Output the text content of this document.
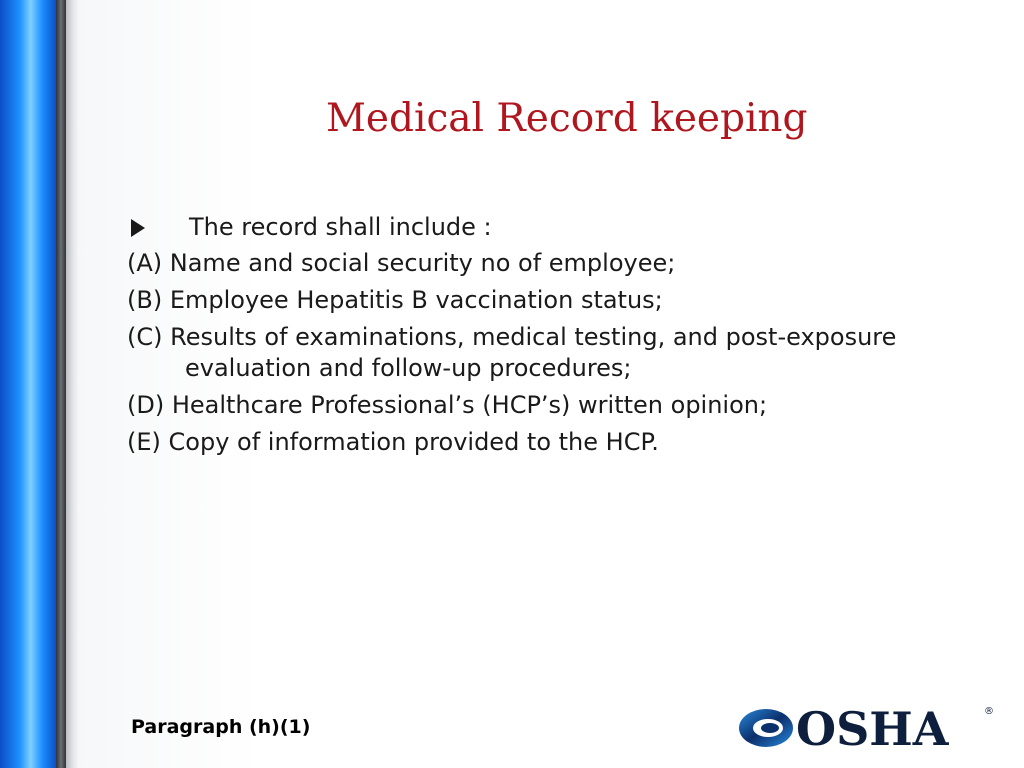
Medical Record keeping
The record shall include :
(A) Name and social security no of employee;
(B) Employee Hepatitis B vaccination status;
(C) Results of examinations, medical testing, and post-exposure evaluation and follow-up procedures;
(D) Healthcare Professional’s (HCP’s) written opinion;
(E) Copy of information provided to the HCP.
Paragraph (h)(1)	OSHA	®
